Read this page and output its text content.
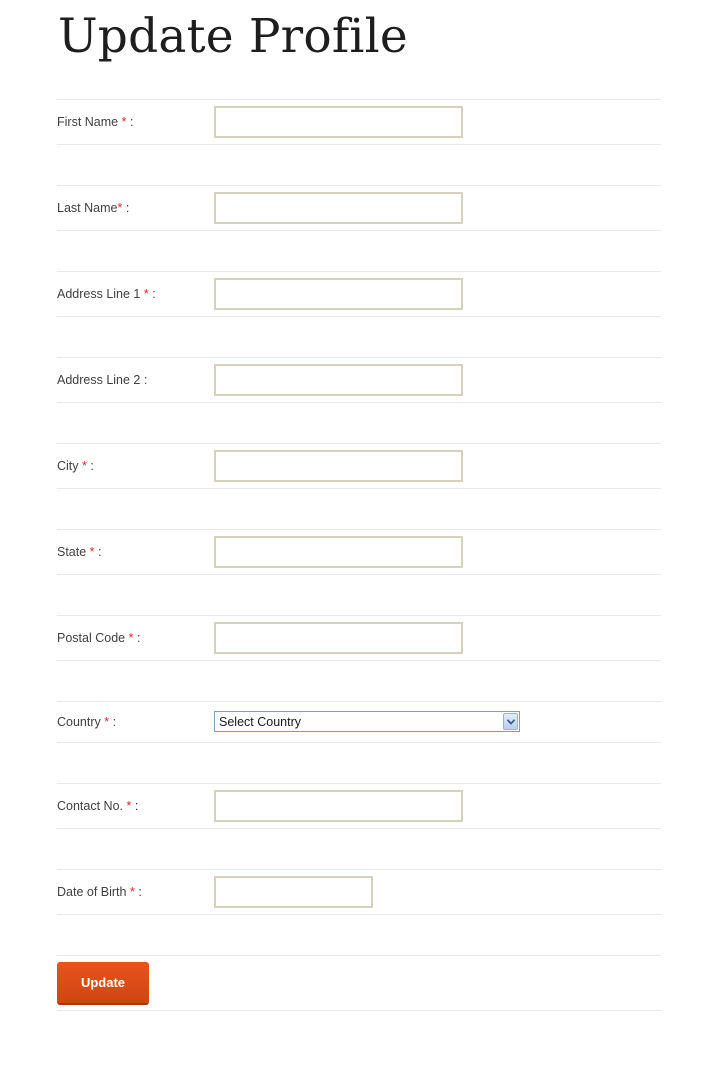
Update Profile
First Name * :
Last Name* :
Address Line 1 * :
Address Line 2 :
City * :
State * :
Postal Code * :
Country * :	Select Country
Contact No. * :
Date of Birth * :
Update
